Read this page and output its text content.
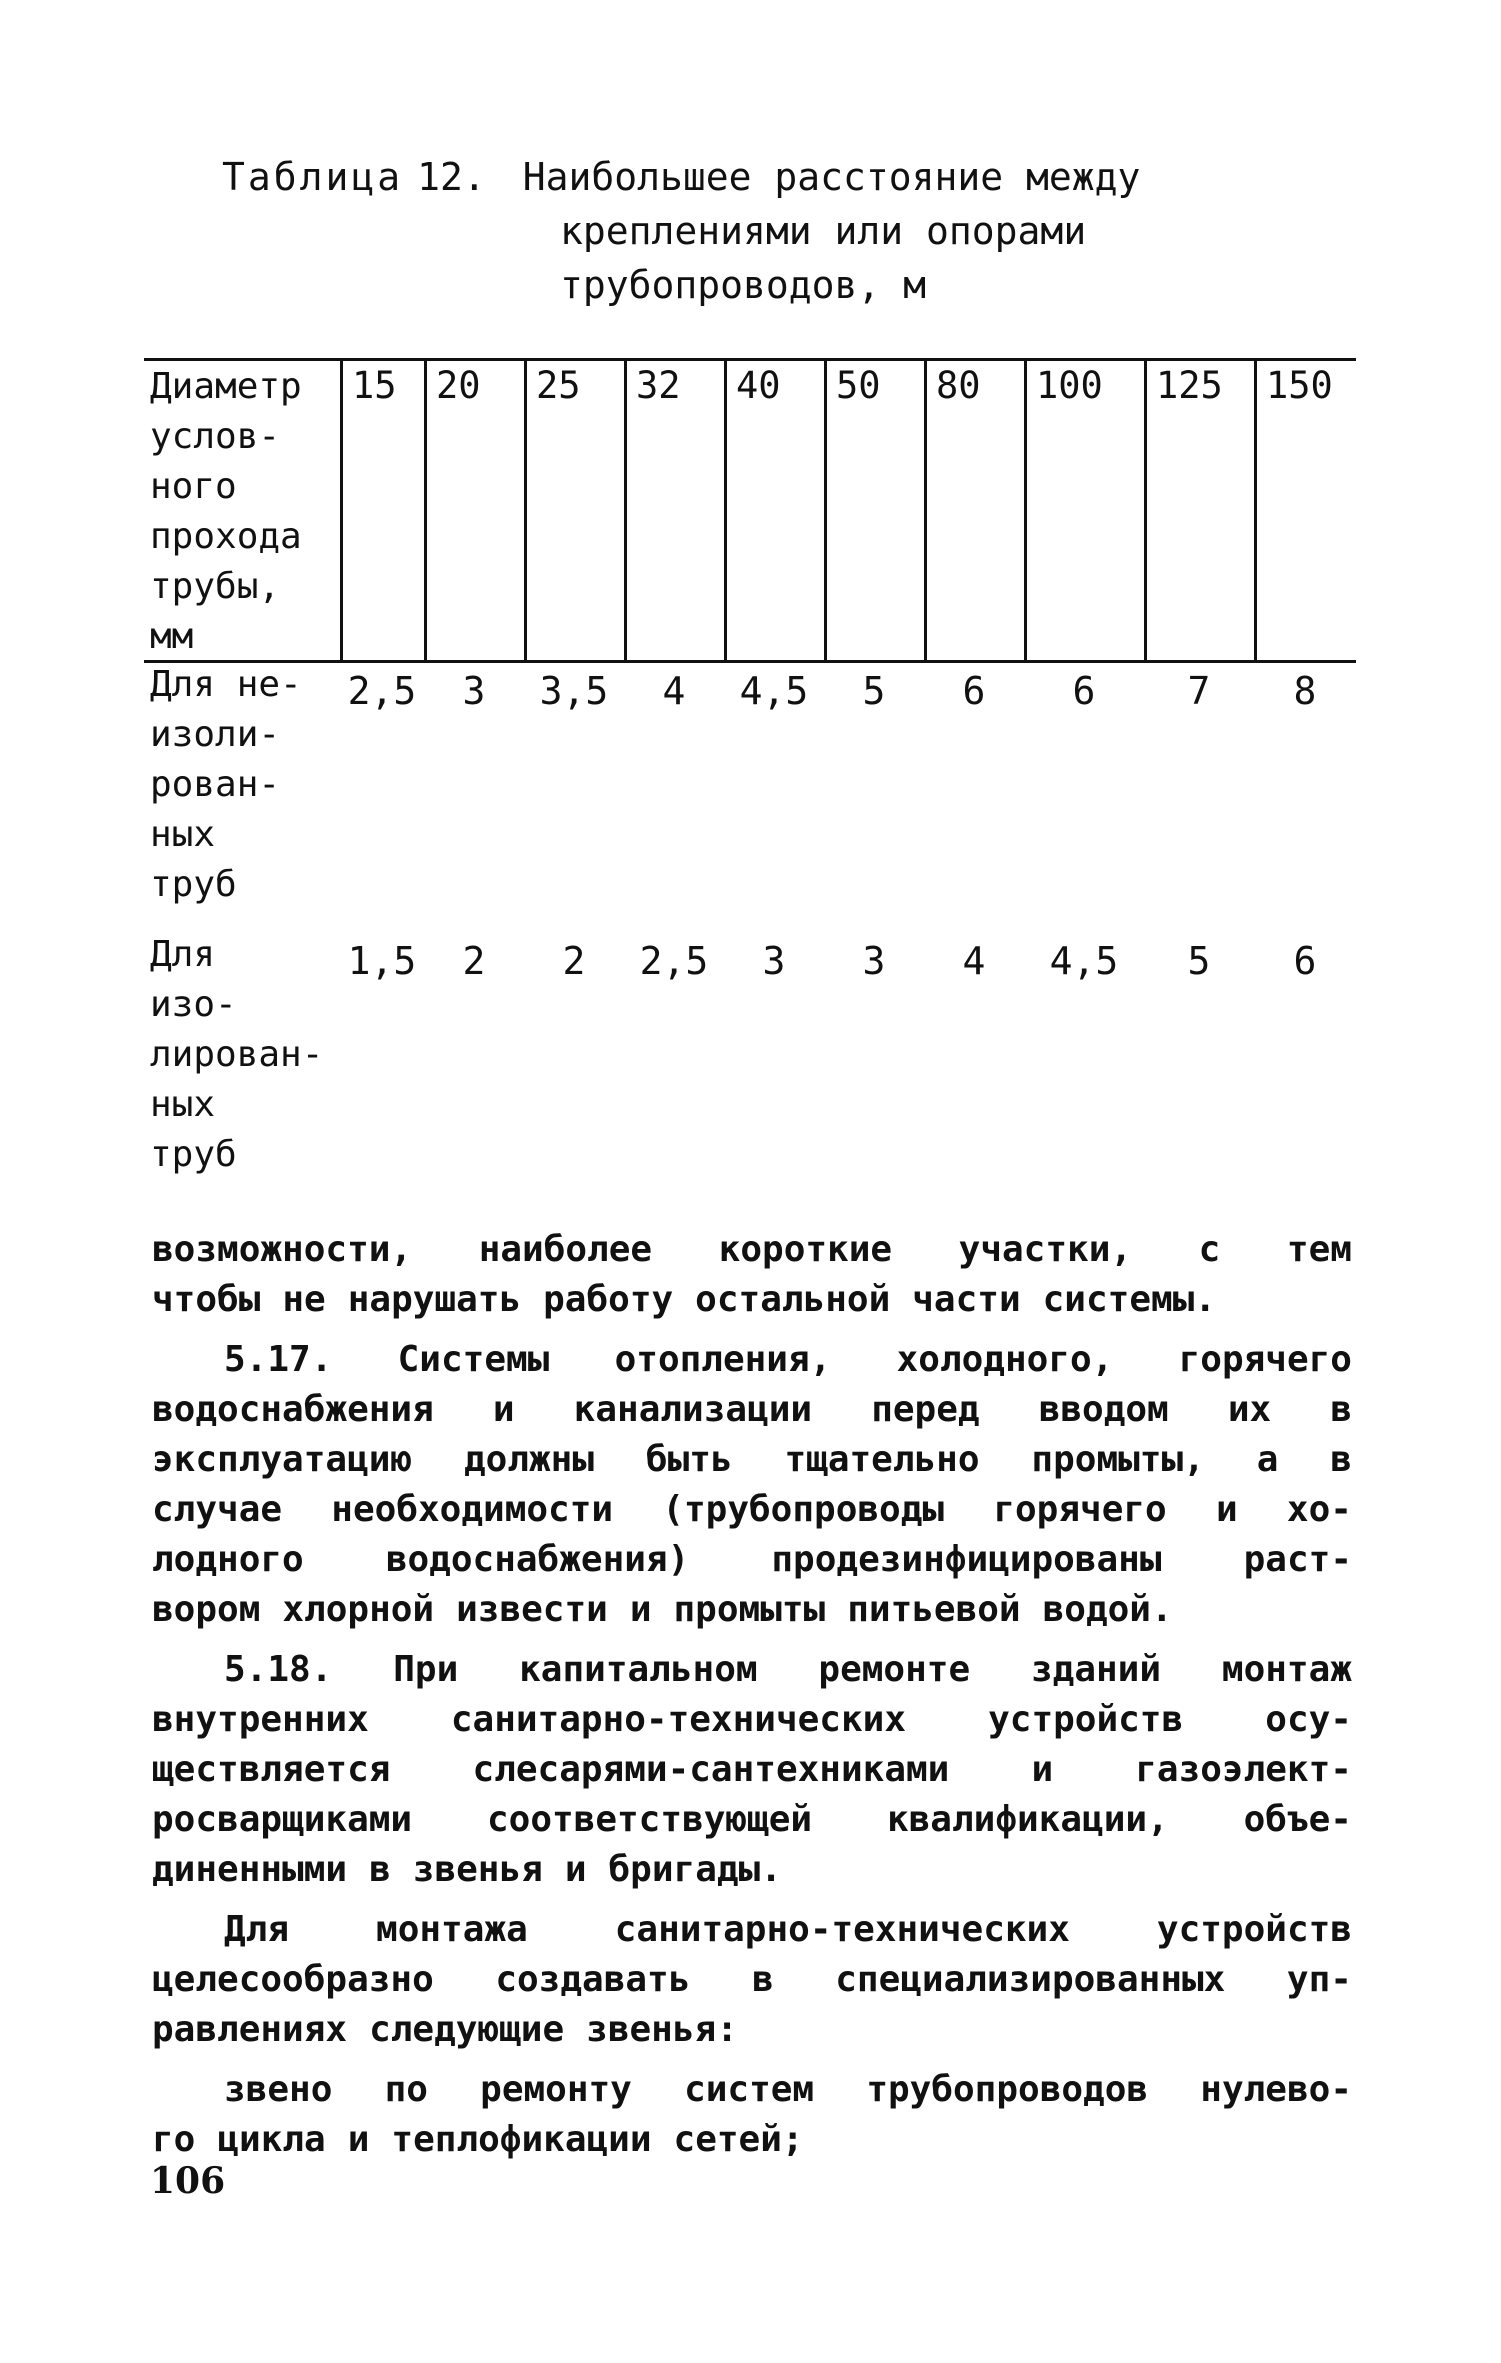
Таблица 12. Наибольшее расстояние между
креплениями или опорами
трубопроводов, м
Диаметр
услов-
ного
прохода
трубы,
мм
Для не-
изоли-
рован-
ных
труб
Для
изо-
лирован-
ных
труб
15
2,5
1,5
20
3
2
25
3,5
2
32
4
2,5
40
4,5
3
50
5
3
80
6
4
100
6
4,5
125
7
5
150
8
6
возможности, наиболее короткие участки, с тем
чтобы не нарушать работу остальной части системы.
5.17. Системы отопления, холодного, горячего
водоснабжения и канализации перед вводом их в
эксплуатацию должны быть тщательно промыты, а в
случае необходимости (трубопроводы горячего и хо-
лодного водоснабжения) продезинфицированы раст-
вором хлорной извести и промыты питьевой водой.
5.18. При капитальном ремонте зданий монтаж
внутренних санитарно-технических устройств осу-
ществляется слесарями-сантехниками и газоэлект-
росварщиками соответствующей квалификации, объе-
диненными в звенья и бригады.
Для монтажа санитарно-технических устройств
целесообразно создавать в специализированных уп-
равлениях следующие звенья:
звено по ремонту систем трубопроводов нулево-
го цикла и теплофикации сетей;
106
